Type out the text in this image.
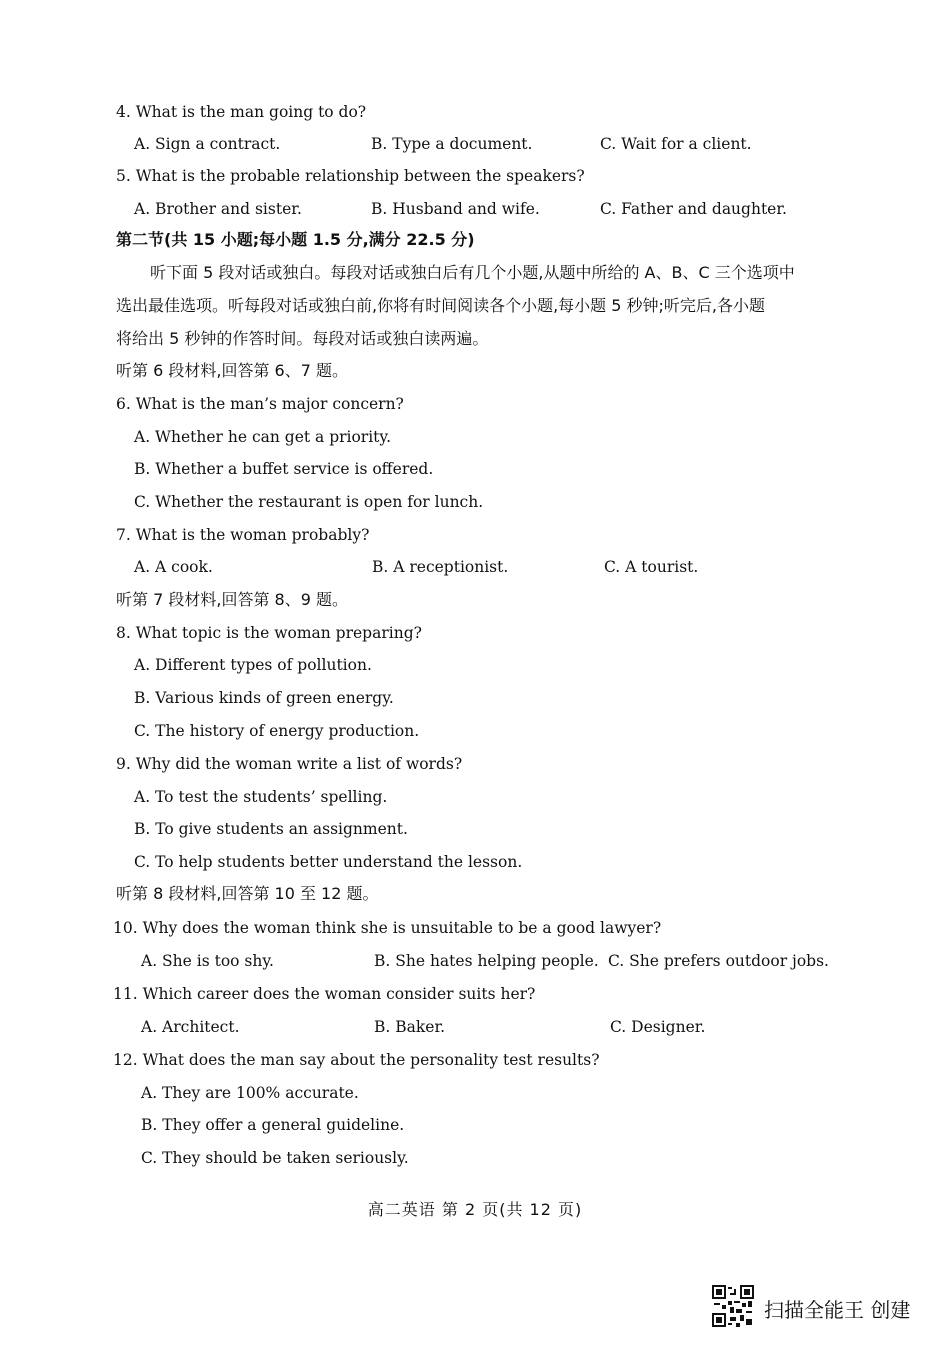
4. What is the man going to do?
A. Sign a contract.	B. Type a document.	C. Wait for a client.
5. What is the probable relationship between the speakers?
A. Brother and sister.	B. Husband and wife.	C. Father and daughter.
第二节(共 15 小题;每小题 1.5 分,满分 22.5 分)
听下面 5 段对话或独白。每段对话或独白后有几个小题,从题中所给的 A、B、C 三个选项中
选出最佳选项。听每段对话或独白前,你将有时间阅读各个小题,每小题 5 秒钟;听完后,各小题
将给出 5 秒钟的作答时间。每段对话或独白读两遍。
听第 6 段材料,回答第 6、7 题。
6. What is the man’s major concern?
A. Whether he can get a priority.
B. Whether a buffet service is offered.
C. Whether the restaurant is open for lunch.
7. What is the woman probably?
A. A cook.	B. A receptionist.	C. A tourist.
听第 7 段材料,回答第 8、9 题。
8. What topic is the woman preparing?
A. Different types of pollution.
B. Various kinds of green energy.
C. The history of energy production.
9. Why did the woman write a list of words?
A. To test the students’ spelling.
B. To give students an assignment.
C. To help students better understand the lesson.
听第 8 段材料,回答第 10 至 12 题。
10. Why does the woman think she is unsuitable to be a good lawyer?
A. She is too shy.	B. She hates helping people. C. She prefers outdoor jobs.
11. Which career does the woman consider suits her?
A. Architect.	B. Baker.	C. Designer.
12. What does the man say about the personality test results?
A. They are 100% accurate.
B. They offer a general guideline.
C. They should be taken seriously.
高二英语 第 2 页(共 12 页)
扫描全能王 创建
